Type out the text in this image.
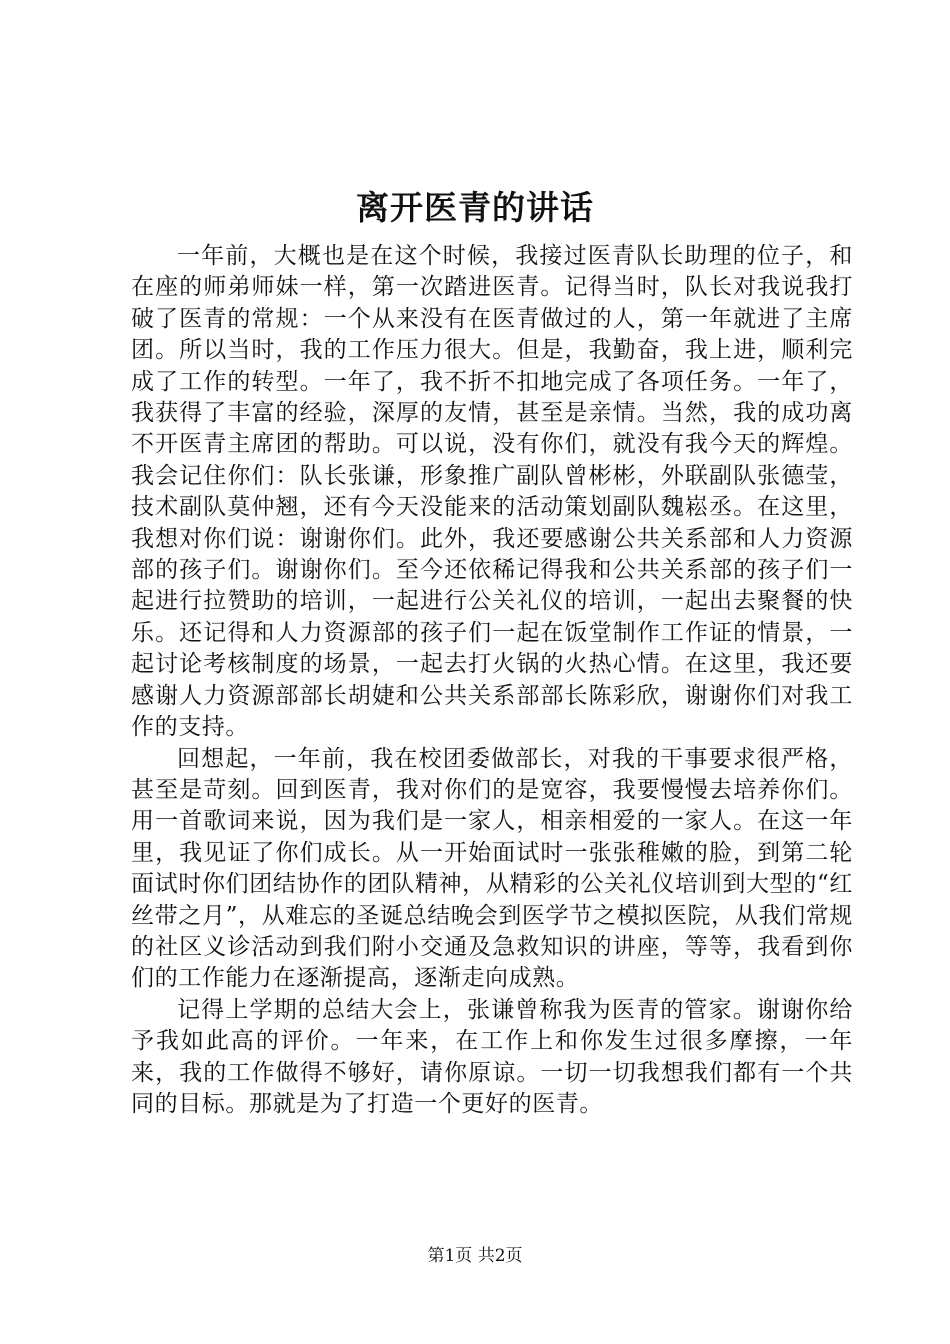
离开医青的讲话

一年前，大概也是在这个时候，我接过医青队长助理的位子，和在座的师弟师妹一样，第一次踏进医青。记得当时，队长对我说我打破了医青的常规：一个从来没有在医青做过的人，第一年就进了主席团。所以当时，我的工作压力很大。但是，我勤奋，我上进，顺利完成了工作的转型。一年了，我不折不扣地完成了各项任务。一年了，我获得了丰富的经验，深厚的友情，甚至是亲情。当然，我的成功离不开医青主席团的帮助。可以说，没有你们，就没有我今天的辉煌。我会记住你们：队长张谦，形象推广副队曾彬彬，外联副队张德莹，技术副队莫仲翘，还有今天没能来的活动策划副队魏崧丞。在这里，我想对你们说：谢谢你们。此外，我还要感谢公共关系部和人力资源部的孩子们。谢谢你们。至今还依稀记得我和公共关系部的孩子们一起进行拉赞助的培训，一起进行公关礼仪的培训，一起出去聚餐的快乐。还记得和人力资源部的孩子们一起在饭堂制作工作证的情景，一起讨论考核制度的场景，一起去打火锅的火热心情。在这里，我还要感谢人力资源部部长胡婕和公共关系部部长陈彩欣，谢谢你们对我工作的支持。

回想起，一年前，我在校团委做部长，对我的干事要求很严格，甚至是苛刻。回到医青，我对你们的是宽容，我要慢慢去培养你们。用一首歌词来说，因为我们是一家人，相亲相爱的一家人。在这一年里，我见证了你们成长。从一开始面试时一张张稚嫩的脸，到第二轮面试时你们团结协作的团队精神，从精彩的公关礼仪培训到大型的“红丝带之月”，从难忘的圣诞总结晚会到医学节之模拟医院，从我们常规的社区义诊活动到我们附小交通及急救知识的讲座，等等，我看到你们的工作能力在逐渐提高，逐渐走向成熟。

记得上学期的总结大会上，张谦曾称我为医青的管家。谢谢你给予我如此高的评价。一年来，在工作上和你发生过很多摩擦，一年来，我的工作做得不够好，请你原谅。一切一切我想我们都有一个共同的目标。那就是为了打造一个更好的医青。

第1页 共2页
